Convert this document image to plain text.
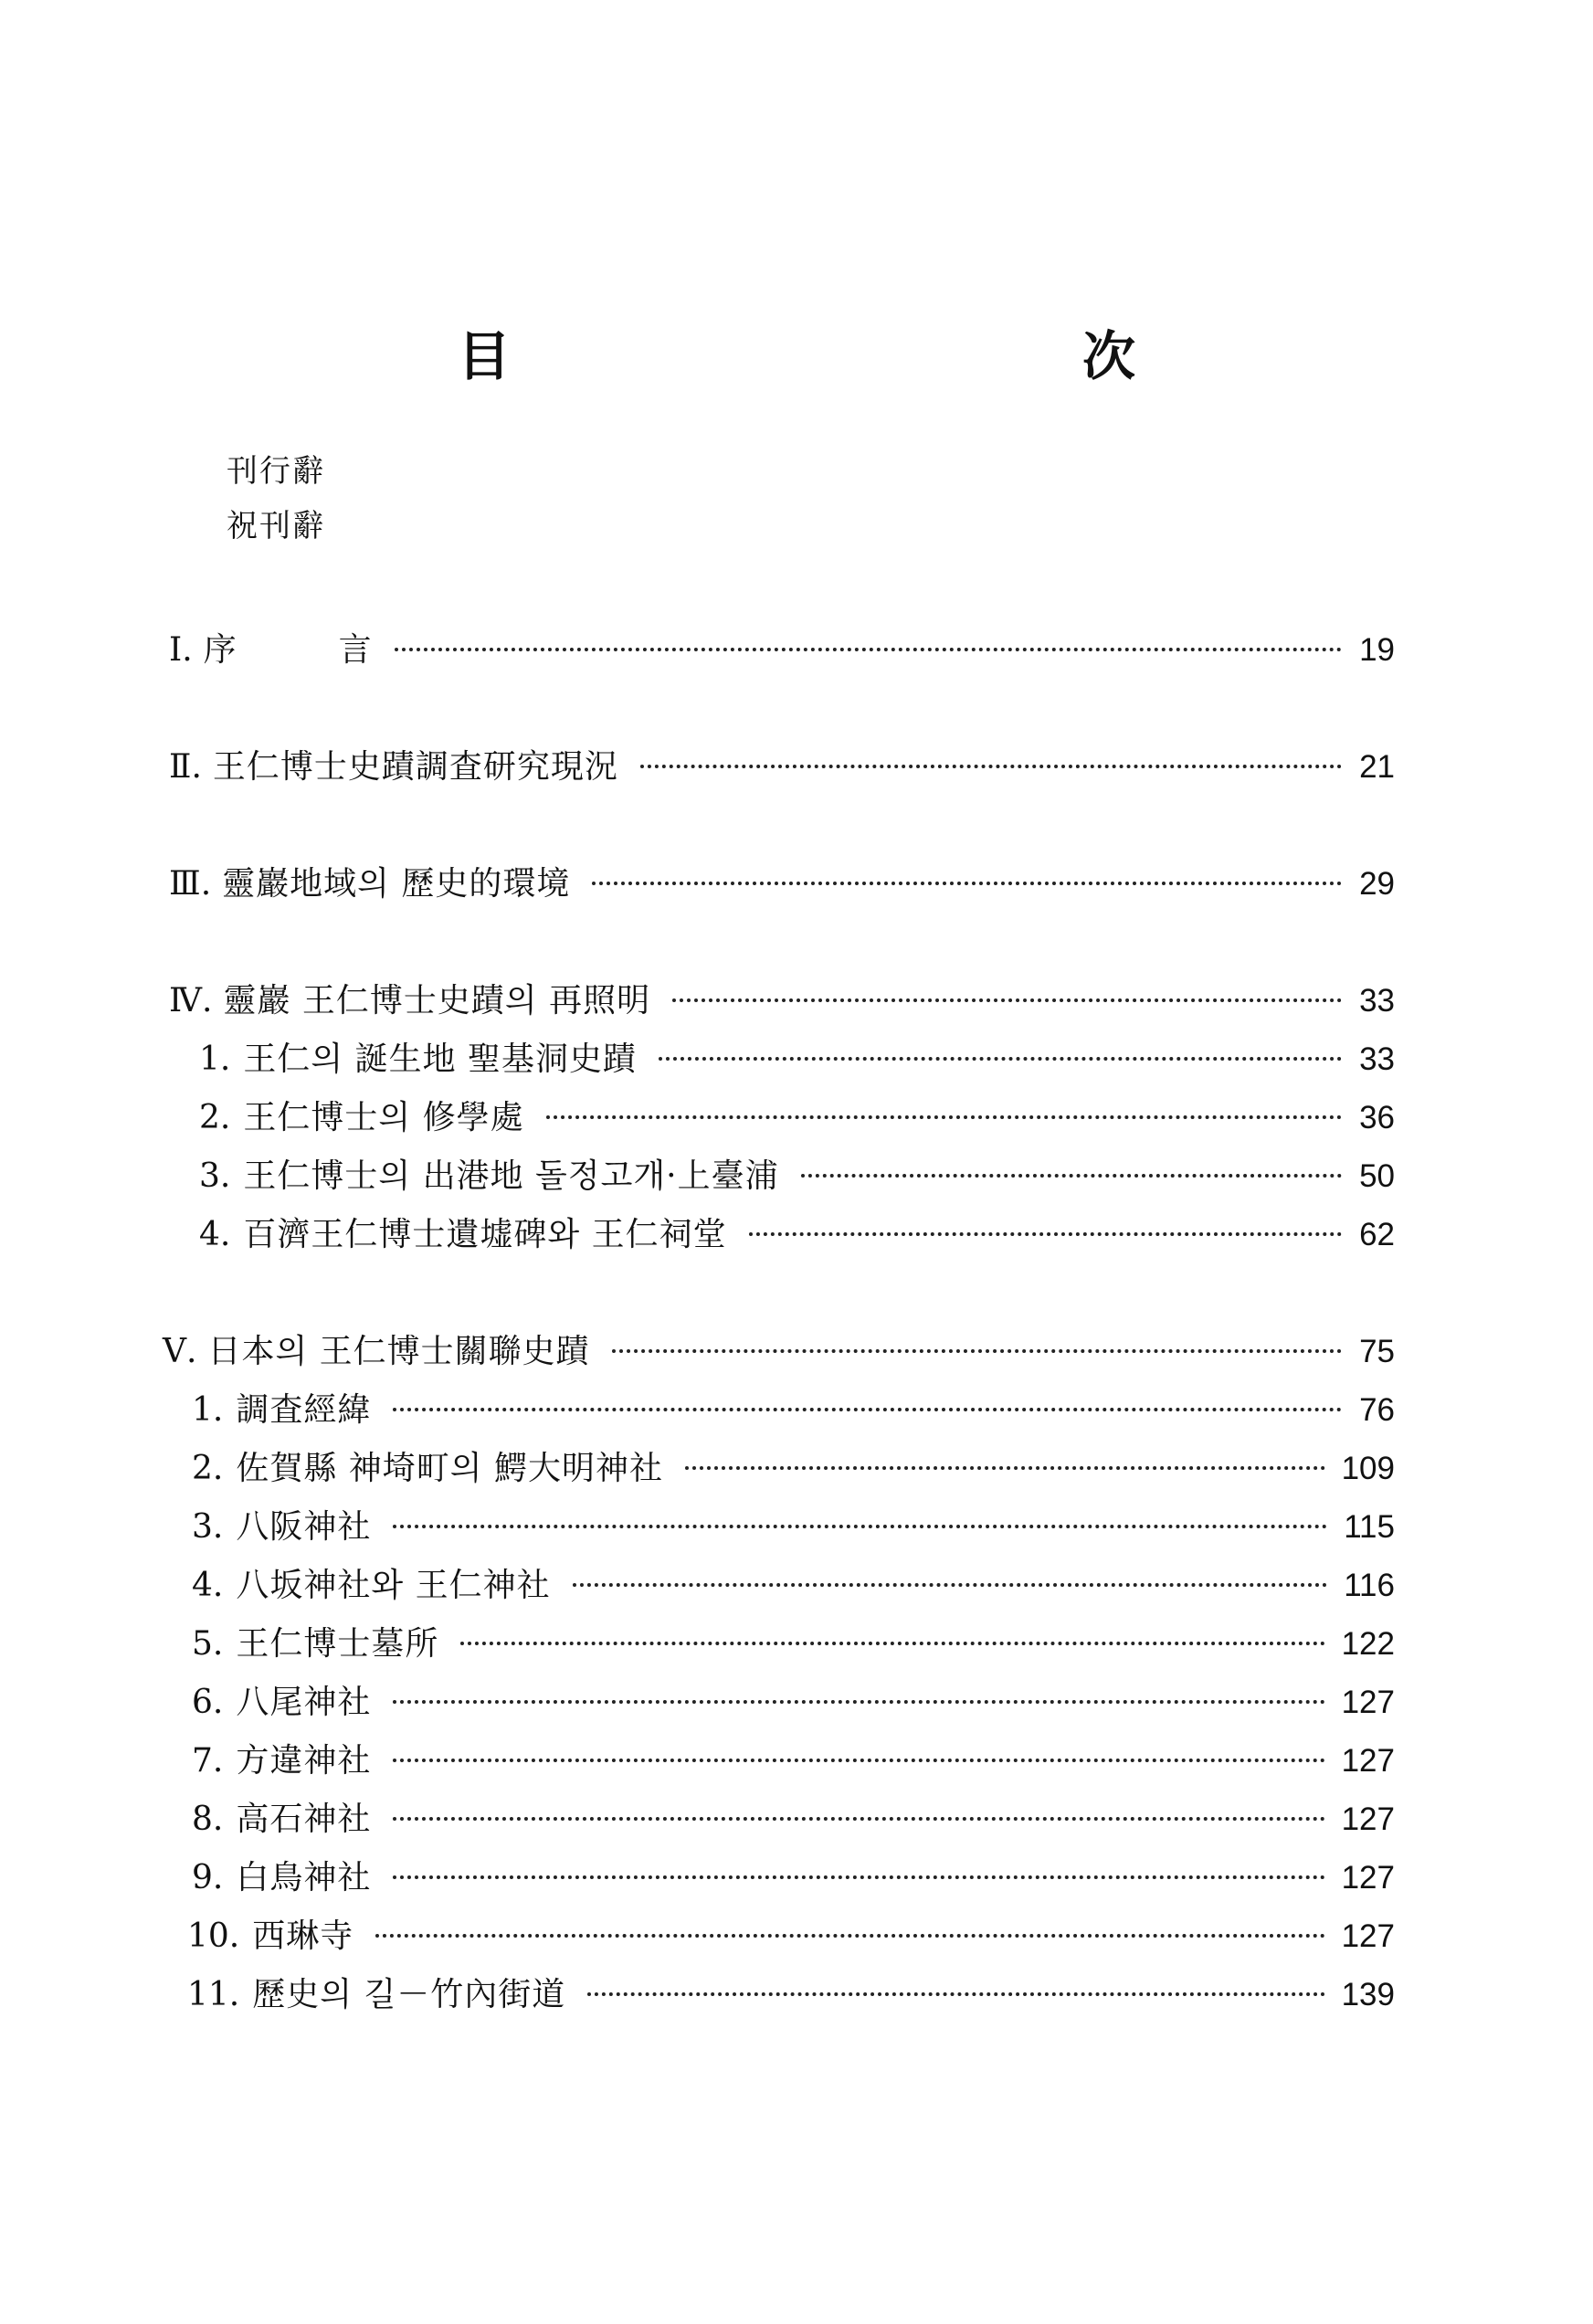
目　　次
刊行辭
祝刊辭
Ⅰ. 序　　　言	19
Ⅱ. 王仁博士史蹟調査研究現況	21
Ⅲ. 靈巖地域의 歷史的環境	29
Ⅳ. 靈巖 王仁博士史蹟의 再照明	33
1. 王仁의 誕生地 聖基洞史蹟	33
2. 王仁博士의 修學處	36
3. 王仁博士의 出港地 돌정고개·上臺浦	50
4. 百濟王仁博士遺墟碑와 王仁祠堂	62
Ⅴ. 日本의 王仁博士關聯史蹟	75
1. 調査經緯	76
2. 佐賀縣 神埼町의 鰐大明神社	109
3. 八阪神社	115
4. 八坂神社와 王仁神社	116
5. 王仁博士墓所	122
6. 八尾神社	127
7. 方違神社	127
8. 高石神社	127
9. 白鳥神社	127
10. 西琳寺	127
11. 歷史의 길－竹內街道	139
